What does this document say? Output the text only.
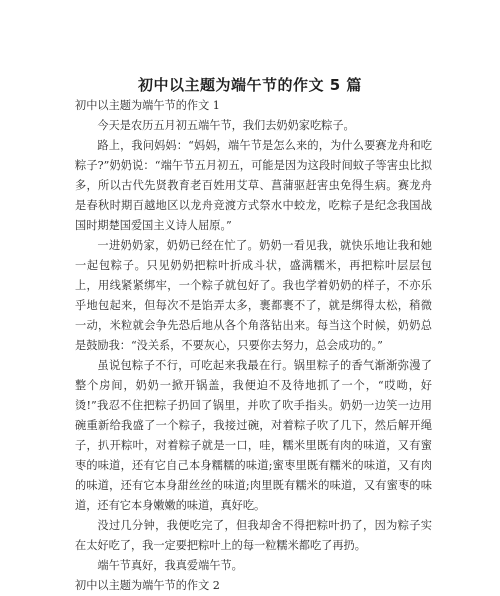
初中以主题为端午节的作文 5 篇

初中以主题为端午节的作文 1

今天是农历五月初五端午节，我们去奶奶家吃粽子。

路上，我问妈妈：“妈妈，端午节是怎么来的，为什么要赛龙舟和吃粽子?”奶奶说：“端午节五月初五，可能是因为这段时间蚊子等害虫比拟多，所以古代先贤教育老百姓用艾草、菖蒲驱赶害虫免得生病。赛龙舟是春秋时期百越地区以龙舟竞渡方式祭水中蛟龙，吃粽子是纪念我国战国时期楚国爱国主义诗人屈原。”

一进奶奶家，奶奶已经在忙了。奶奶一看见我，就快乐地让我和她一起包粽子。只见奶奶把粽叶折成斗状，盛满糯米，再把粽叶层层包上，用线紧紧绑牢，一个粽子就包好了。我也学着奶奶的样子，不亦乐乎地包起来，但每次不是馅弄太多，裹都裹不了，就是绑得太松，稍微一动，米粒就会争先恐后地从各个角落钻出来。每当这个时候，奶奶总是鼓励我：“没关系，不要灰心，只要你去努力，总会成功的。”

虽说包粽子不行，可吃起来我最在行。锅里粽子的香气渐渐弥漫了整个房间，奶奶一掀开锅盖，我便迫不及待地抓了一个，“哎呦，好烫!”我忍不住把粽子扔回了锅里，并吹了吹手指头。奶奶一边笑一边用碗重新给我盛了一个粽子，我接过碗，对着粽子吹了几下，然后解开绳子，扒开粽叶，对着粽子就是一口，哇，糯米里既有肉的味道，又有蜜枣的味道，还有它自己本身糯糯的味道;蜜枣里既有糯米的味道，又有肉的味道，还有它本身甜丝丝的味道;肉里既有糯米的味道，又有蜜枣的味道，还有它本身嫩嫩的味道，真好吃。

没过几分钟，我便吃完了，但我却舍不得把粽叶扔了，因为粽子实在太好吃了，我一定要把粽叶上的每一粒糯米都吃了再扔。

端午节真好，我真爱端午节。

初中以主题为端午节的作文 2
